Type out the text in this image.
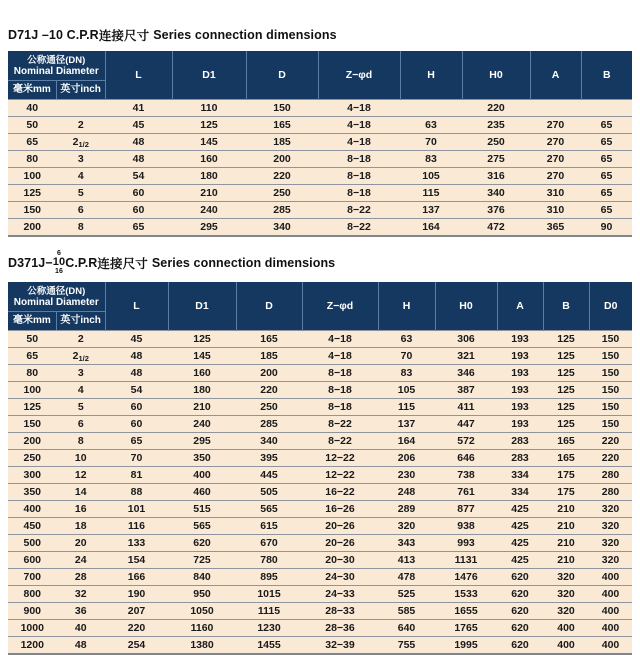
D71J –10 C.P.R 连接尺寸 Series connection dimensions
公称通径(DN)
Nominal Diameter
毫米mm 英寸inch	L	D1	D	Z−φd	H	H0	A	B

40	41	110	150	4−18		220		

50 2	45	125	165	4−18	63	235	270	65

65 $2_{1/2}$	48	145	185	4−18	70	250	270	65

80 3	48	160	200	8−18	83	275	270	65

100 4	54	180	220	8−18	105	316	270	65

125 5	60	210	250	8−18	115	340	310	65

150 6	60	240	285	8−22	137	376	310	65

200 8	65	295	340	8−22	164	472	365	90
D371J−
6
10
16
C.P.R 连接尺寸 Series connection dimensions
公称通径(DN)
Nominal Diameter
毫米mm 英寸inch	L	D1	D	Z−φd	H	H0	A	B	D0

50 2	45	125	165	4−18	63	306	193	125	150

65 $2_{1/2}$	48	145	185	4−18	70	321	193	125	150

80 3	48	160	200	8−18	83	346	193	125	150

100 4	54	180	220	8−18	105	387	193	125	150

125 5	60	210	250	8−18	115	411	193	125	150

150 6	60	240	285	8−22	137	447	193	125	150

200 8	65	295	340	8−22	164	572	283	165	220

250 10	70	350	395	12−22	206	646	283	165	220

300 12	81	400	445	12−22	230	738	334	175	280

350 14	88	460	505	16−22	248	761	334	175	280

400 16	101	515	565	16−26	289	877	425	210	320

450 18	116	565	615	20−26	320	938	425	210	320

500 20	133	620	670	20−26	343	993	425	210	320

600 24	154	725	780	20−30	413	1131	425	210	320

700 28	166	840	895	24−30	478	1476	620	320	400

800 32	190	950	1015	24−33	525	1533	620	320	400

900 36	207	1050	1115	28−33	585	1655	620	320	400

1000 40	220	1160	1230	28−36	640	1765	620	400	400

1200 48	254	1380	1455	32−39	755	1995	620	400	400
